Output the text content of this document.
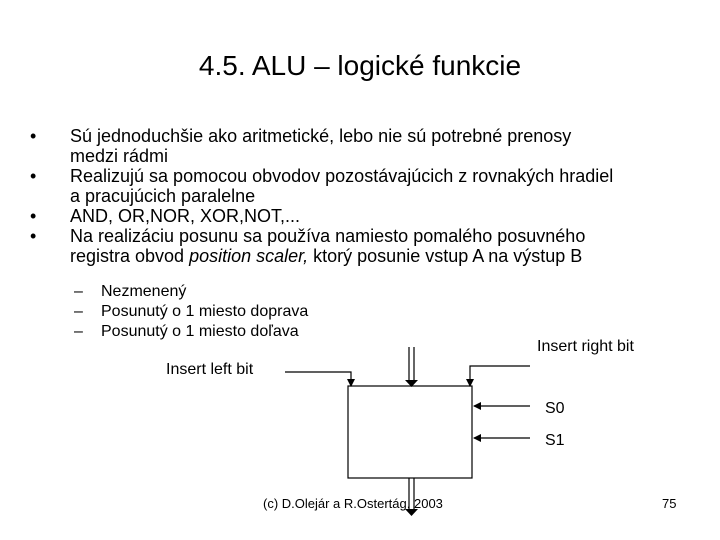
4.5. ALU – logické funkcie
• Sú jednoduchšie ako aritmetické, lebo nie sú potrebné prenosy
medzi rádmi
• Realizujú sa pomocou obvodov pozostávajúcich z rovnakých hradiel
a pracujúcich paralelne
• AND, OR,NOR, XOR,NOT,...
• Na realizáciu posunu sa používa namiesto pomalého posuvného
registra obvod position scaler, ktorý posunie vstup A na výstup B
– Nezmenený
– Posunutý o 1 miesto doprava
– Posunutý o 1 miesto doľava
Insert right bit
Insert left bit
S0
S1
(c) D.Olejár a R.Ostertág, 2003	75
